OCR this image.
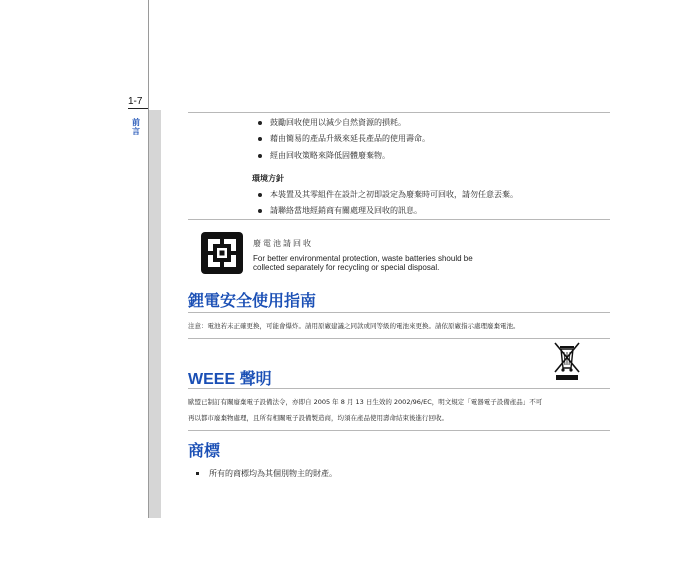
1-7
前言
鼓勵回收使用以減少自然資源的損耗。
藉由簡易的產品升級來延長產品的使用壽命。
經由回收策略來降低固體廢棄物。
環境方針
本裝置及其零組件在設計之初即設定為廢棄時可回收，請勿任意丟棄。
請聯絡當地經銷商有關處理及回收的訊息。
廢電池請回收
For better environmental protection, waste batteries should be
collected separately for recycling or special disposal.
鋰電安全使用指南
注意：電池若未正確更換，可能會爆炸。請用原廠建議之同款或同等級的電池來更換。請依原廠指示處理廢棄電池。
WEEE 聲明
歐盟已制訂有關廢棄電子設備法令，亦即自 2005 年 8 月 13 日生效的 2002/96/EC，明文規定「電器電子設備產品」不可
再以都市廢棄物處理，且所有相關電子設備製造商，均須在產品使用壽命結束後進行回收。
商標
所有的商標均為其個別物主的財產。
